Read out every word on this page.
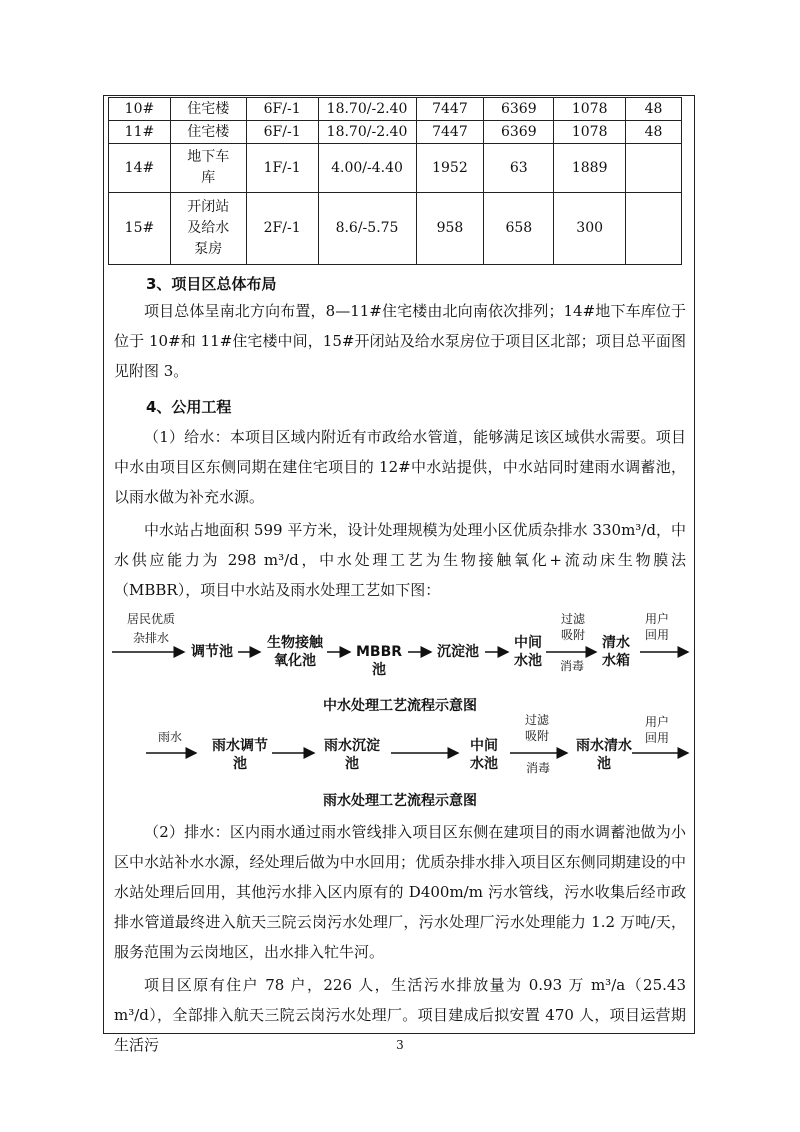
10#	住宅楼	6F/-1	18.70/-2.40	7447	6369	1078	48
11#	住宅楼	6F/-1	18.70/-2.40	7447	6369	1078	48
14#	地下车库	1F/-1	4.00/-4.40	1952	63	1889	
15#	开闭站及给水泵房	2F/-1	8.6/-5.75	958	658	300	
3、项目区总体布局

项目总体呈南北方向布置，8—11#住宅楼由北向南依次排列；14#地下车库位于位于 10#和 11#住宅楼中间，15#开闭站及给水泵房位于项目区北部；项目总平面图见附图 3。

4、公用工程

（1）给水：本项目区域内附近有市政给水管道，能够满足该区域供水需要。项目中水由项目区东侧同期在建住宅项目的 12#中水站提供，中水站同时建雨水调蓄池，以雨水做为补充水源。

中水站占地面积 599 平方米，设计处理规模为处理小区优质杂排水 330m³/d，中水供应能力为 298 m³/d，中水处理工艺为生物接触氧化+流动床生物膜法（MBBR），项目中水站及雨水处理工艺如下图：

居民优质
杂排水
调节池
生物接触氧化池
MBBR 池
沉淀池
中间水池
清水水箱
过滤吸附
消毒
用户回用
中水处理工艺流程示意图
雨水
雨水调节池
雨水沉淀池
中间水池
雨水清水池
过滤吸附
消毒
用户回用
雨水处理工艺流程示意图

（2）排水：区内雨水通过雨水管线排入项目区东侧在建项目的雨水调蓄池做为小区中水站补水水源，经处理后做为中水回用；优质杂排水排入项目区东侧同期建设的中水站处理后回用，其他污水排入区内原有的 D400m/m 污水管线，污水收集后经市政排水管道最终进入航天三院云岗污水处理厂，污水处理厂污水处理能力 1.2 万吨/天，服务范围为云岗地区，出水排入牤牛河。

项目区原有住户 78 户，226 人，生活污水排放量为 0.93 万 m³/a（25.43 m³/d），全部排入航天三院云岗污水处理厂。项目建成后拟安置 470 人，项目运营期生活污	3
